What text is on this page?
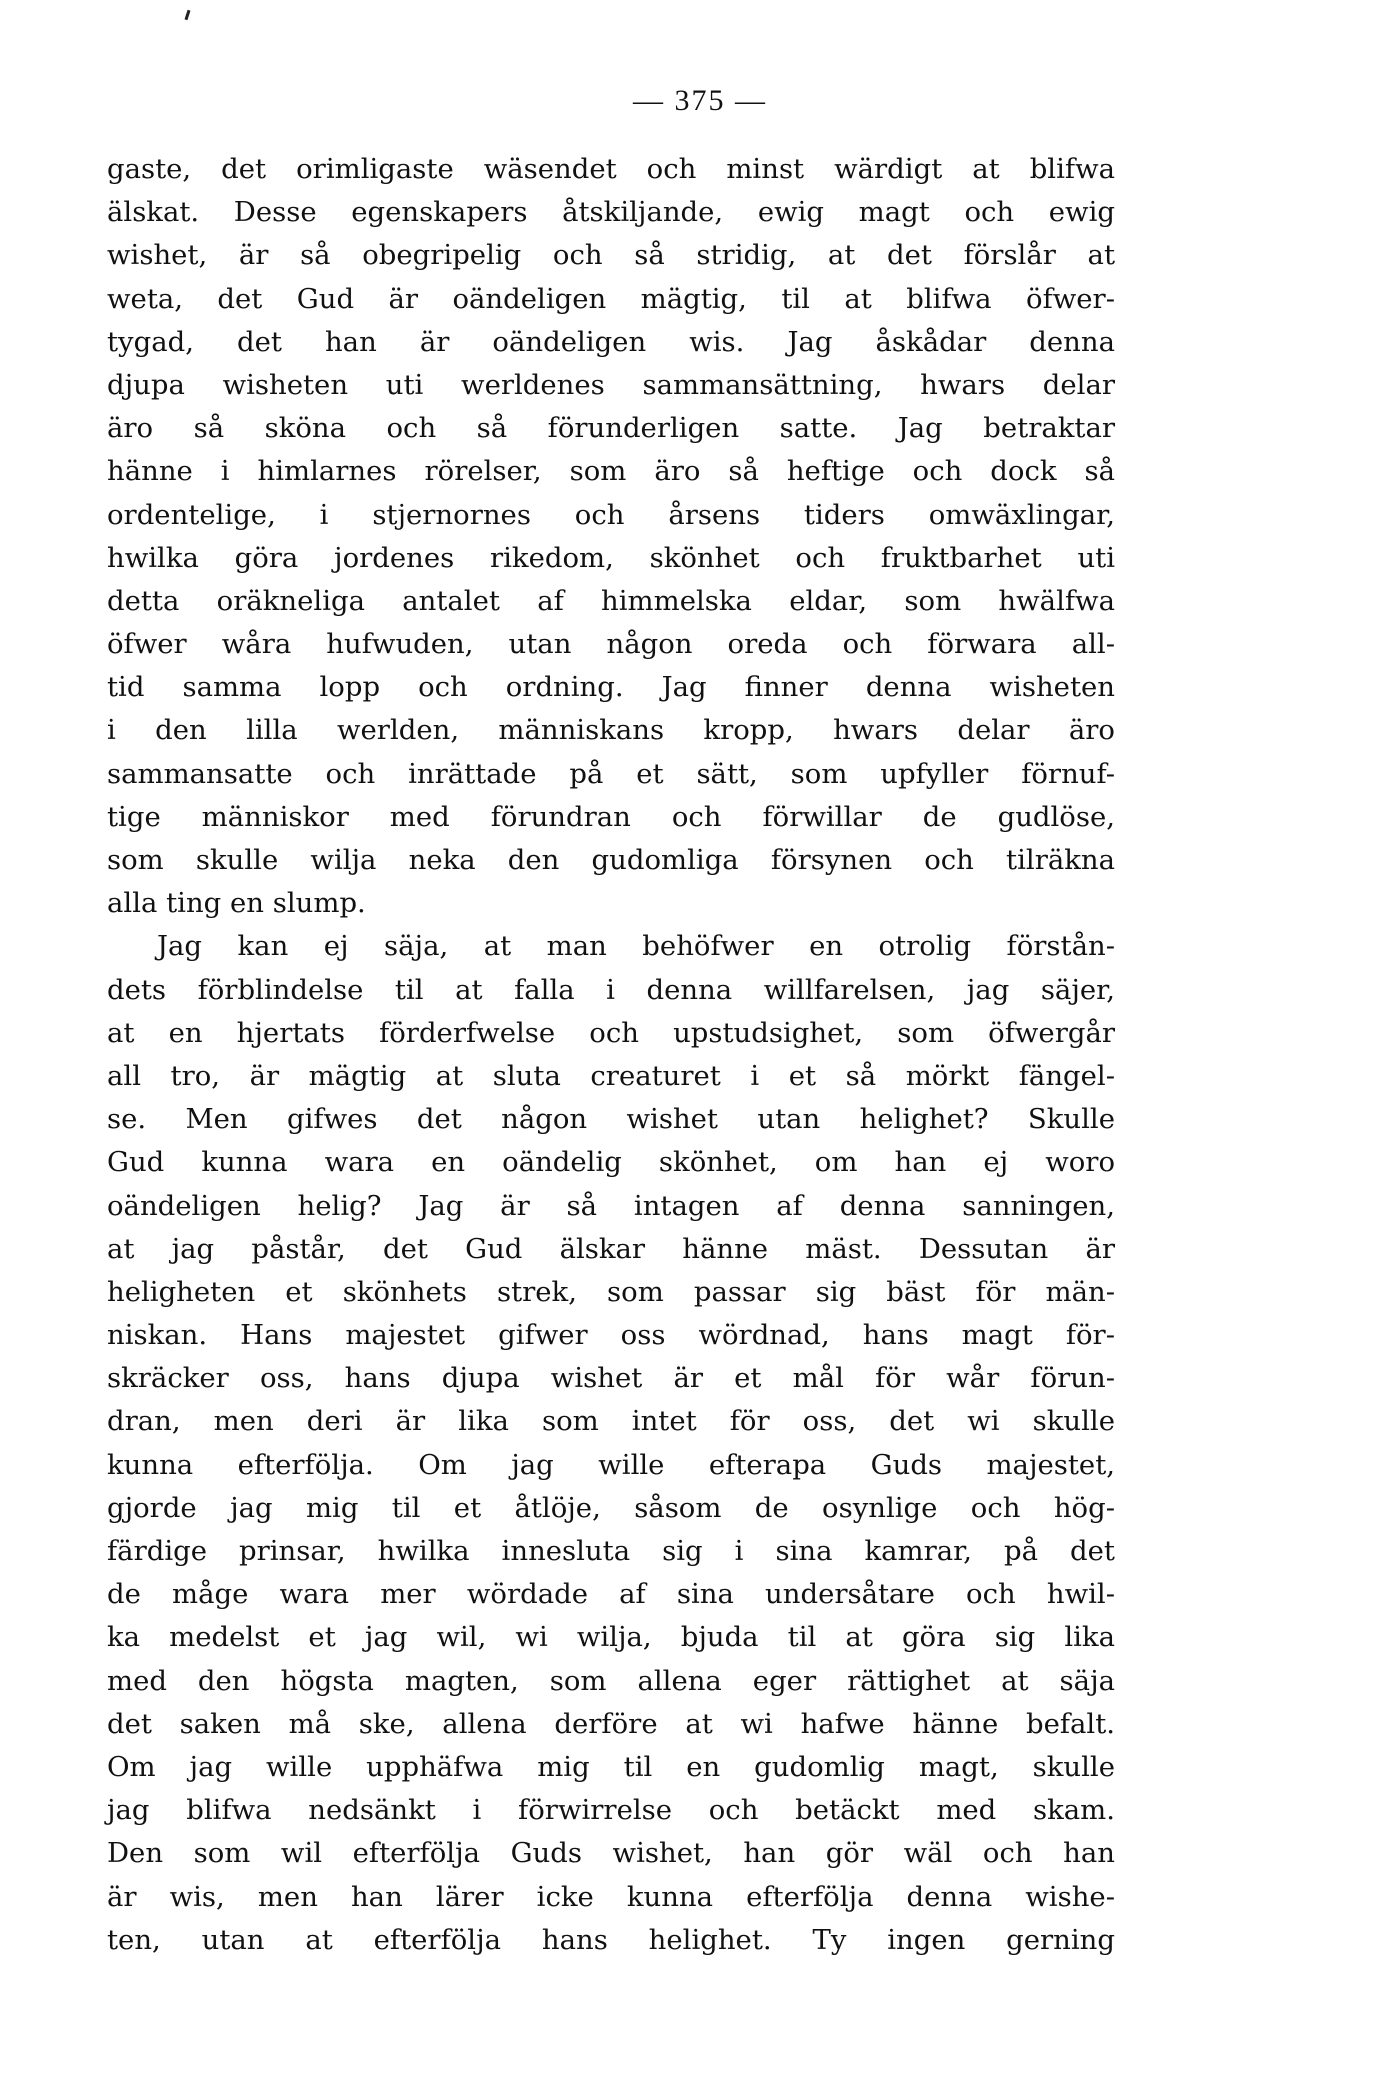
— 375 —
gaste, det orimligaste wäsendet och minst wärdigt at blifwa
älskat. Desse egenskapers åtskiljande, ewig magt och ewig
wishet, är så obegripelig och så stridig, at det förslår at
weta, det Gud är oändeligen mägtig, til at blifwa öfwer-
tygad, det han är oändeligen wis. Jag åskådar denna
djupa wisheten uti werldenes sammansättning, hwars delar
äro så sköna och så förunderligen satte. Jag betraktar
hänne i himlarnes rörelser, som äro så heftige och dock så
ordentelige, i stjernornes och årsens tiders omwäxlingar,
hwilka göra jordenes rikedom, skönhet och fruktbarhet uti
detta oräkneliga antalet af himmelska eldar, som hwälfwa
öfwer wåra hufwuden, utan någon oreda och förwara all-
tid samma lopp och ordning. Jag finner denna wisheten
i den lilla werlden, människans kropp, hwars delar äro
sammansatte och inrättade på et sätt, som upfyller förnuf-
tige människor med förundran och förwillar de gudlöse,
som skulle wilja neka den gudomliga försynen och tilräkna
alla ting en slump.
Jag kan ej säja, at man behöfwer en otrolig förstån-
dets förblindelse til at falla i denna willfarelsen, jag säjer,
at en hjertats förderfwelse och upstudsighet, som öfwergår
all tro, är mägtig at sluta creaturet i et så mörkt fängel-
se. Men gifwes det någon wishet utan helighet? Skulle
Gud kunna wara en oändelig skönhet, om han ej woro
oändeligen helig? Jag är så intagen af denna sanningen,
at jag påstår, det Gud älskar hänne mäst. Dessutan är
heligheten et skönhets strek, som passar sig bäst för män-
niskan. Hans majestet gifwer oss wördnad, hans magt för-
skräcker oss, hans djupa wishet är et mål för wår förun-
dran, men deri är lika som intet för oss, det wi skulle
kunna efterfölja. Om jag wille efterapa Guds majestet,
gjorde jag mig til et åtlöje, såsom de osynlige och hög-
färdige prinsar, hwilka innesluta sig i sina kamrar, på det
de måge wara mer wördade af sina undersåtare och hwil-
ka medelst et jag wil, wi wilja, bjuda til at göra sig lika
med den högsta magten, som allena eger rättighet at säja
det saken må ske, allena derföre at wi hafwe hänne befalt.
Om jag wille upphäfwa mig til en gudomlig magt, skulle
jag blifwa nedsänkt i förwirrelse och betäckt med skam.
Den som wil efterfölja Guds wishet, han gör wäl och han
är wis, men han lärer icke kunna efterfölja denna wishe-
ten, utan at efterfölja hans helighet. Ty ingen gerning
